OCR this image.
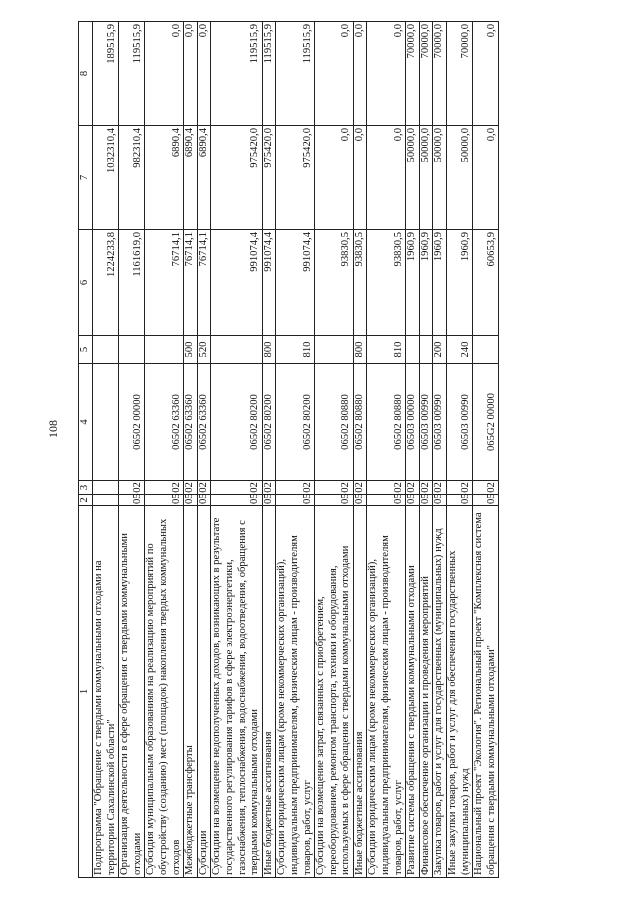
108
1	2	3	4	5	6	7	8
Подпрограмма "Обращение с твердыми коммунальными отходами на территории Сахалинской области"					1224233,8	1032310,4	189515,9
Организация деятельности в сфере обращения с твердыми коммунальными отходами	05	02	06502 00000		1161619,0	982310,4	119515,9
Субсидия муниципальным образованиям на реализацию мероприятий по обустройству (созданию) мест (площадок) накопления твердых коммунальных отходов	05	02	06502 63360		76714,1	6890,4	0,0
Межбюджетные трансферты	05	02	06502 63360	500	76714,1	6890,4	0,0
Субсидии	05	02	06502 63360	520	76714,1	6890,4	0,0
Субсидии на возмещение недополученных доходов, возникающих в результате государственного регулирования тарифов в сфере электроэнергетики, газоснабжения, теплоснабжения, водоснабжения, водоотведения, обращения с твердыми коммунальными отходами	05	02	06502 80200		991074,4	975420,0	119515,9
Иные бюджетные ассигнования	05	02	06502 80200	800	991074,4	975420,0	119515,9
Субсидии юридическим лицам (кроме некоммерческих организаций), индивидуальным предпринимателям, физическим лицам - производителям товаров, работ, услуг	05	02	06502 80200	810	991074,4	975420,0	119515,9
Субсидии на возмещение затрат, связанных с приобретением, переоборудованием, ремонтом транспорта, техники и оборудования, используемых в сфере обращения с твердыми коммунальными отходами	05	02	06502 80880		93830,5	0,0	0,0
Иные бюджетные ассигнования	05	02	06502 80880	800	93830,5	0,0	0,0
Субсидии юридическим лицам (кроме некоммерческих организаций), индивидуальным предпринимателям, физическим лицам - производителям товаров, работ, услуг	05	02	06502 80880	810	93830,5	0,0	0,0
Развитие системы обращения с твердыми коммунальными отходами	05	02	06503 00000		1960,9	50000,0	70000,0
Финансовое обеспечение организации и проведения мероприятий	05	02	06503 00990		1960,9	50000,0	70000,0
Закупка товаров, работ и услуг для государственных (муниципальных) нужд	05	02	06503 00990	200	1960,9	50000,0	70000,0
Иные закупки товаров, работ и услуг для обеспечения государственных (муниципальных) нужд	05	02	06503 00990	240	1960,9	50000,0	70000,0
Национальный проект "Экология". Региональный проект "Комплексная система обращения с твердыми коммунальными отходами"	05	02	065G2 00000		60653,9	0,0	0,0
